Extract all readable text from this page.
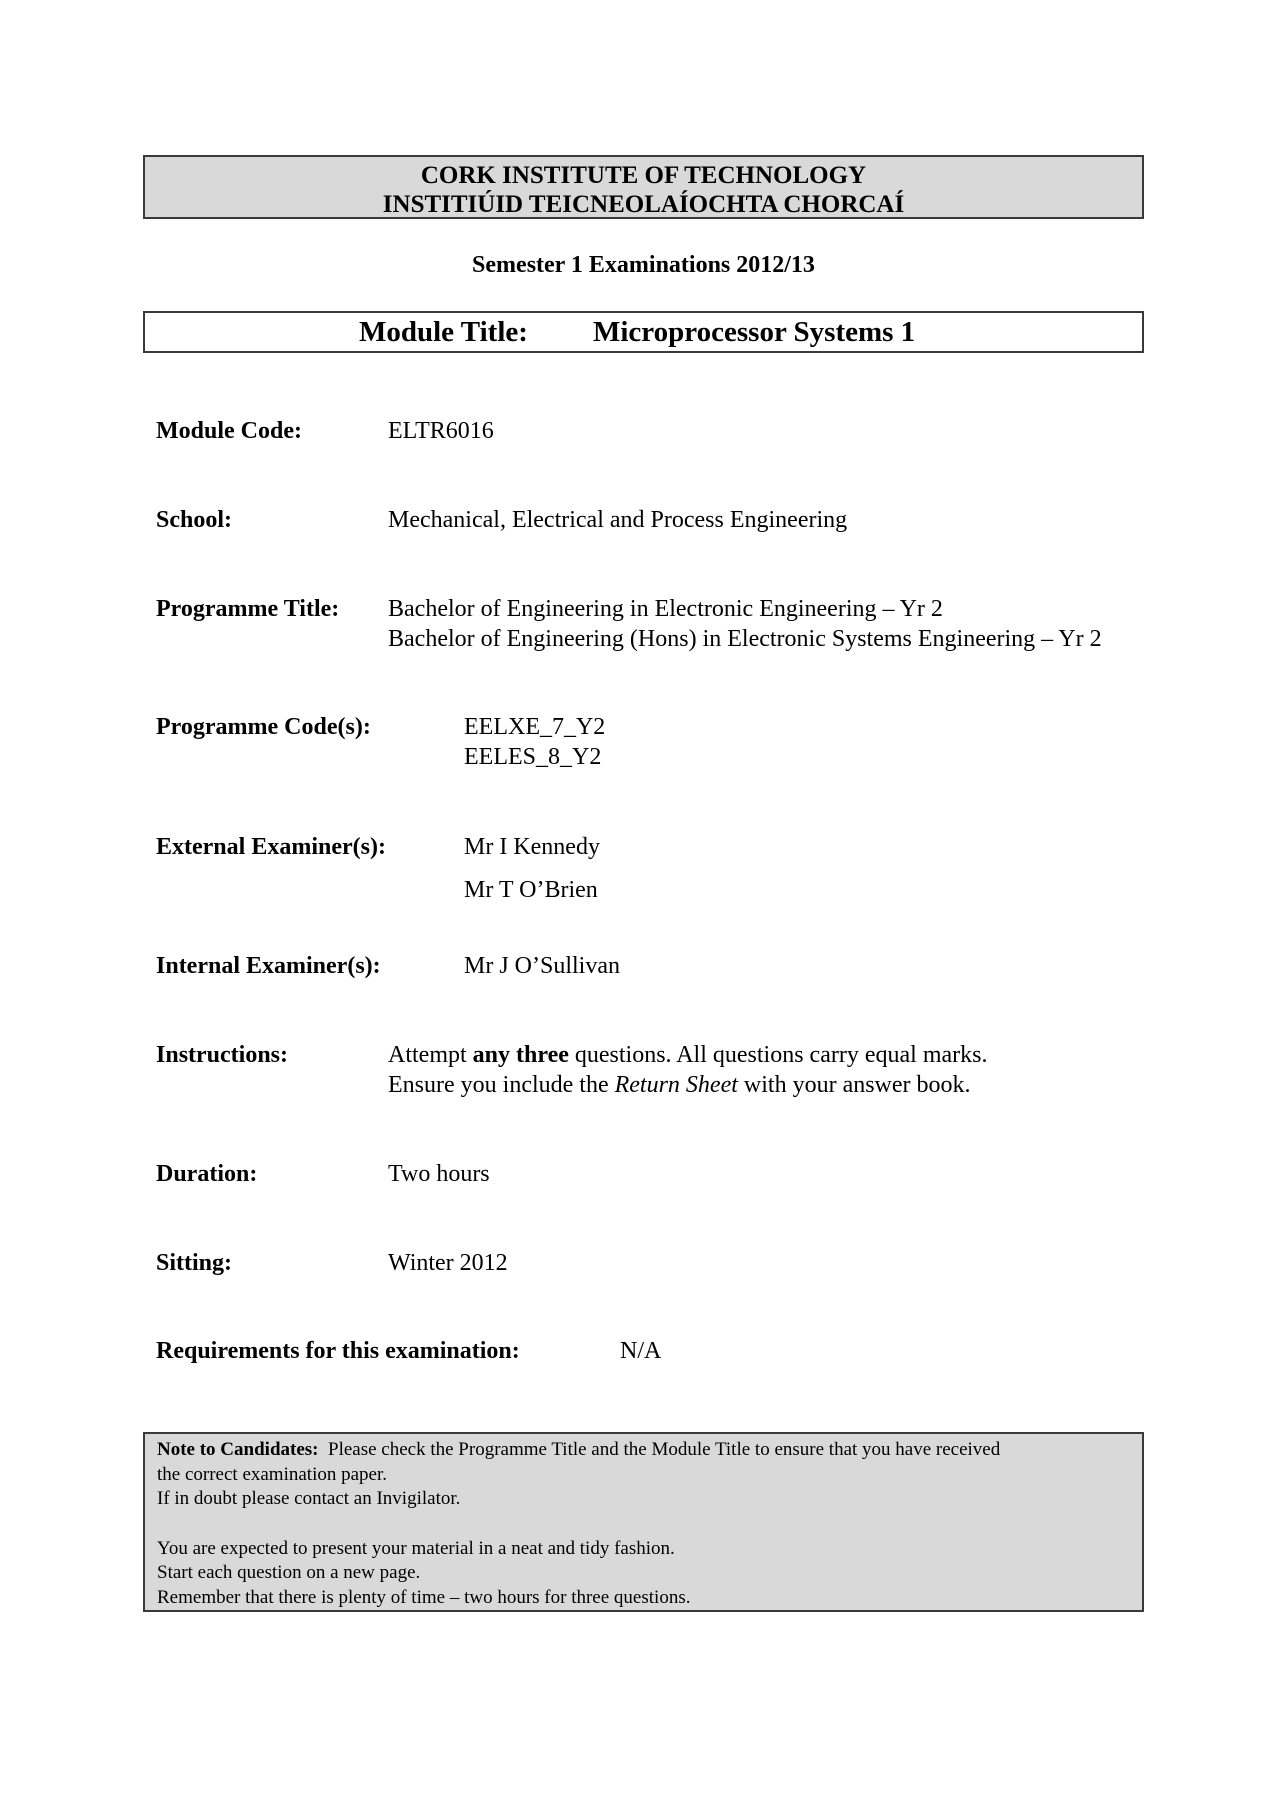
CORK INSTITUTE OF TECHNOLOGY
INSTITIÚID TEICNEOLAÍOCHTA CHORCAÍ
Semester 1 Examinations 2012/13
Module Title: Microprocessor Systems 1
Module Code:	ELTR6016
School:	Mechanical, Electrical and Process Engineering
Programme Title: Bachelor of Engineering in Electronic Engineering – Yr 2
Bachelor of Engineering (Hons) in Electronic Systems Engineering – Yr 2
Programme Code(s):	EELXE_7_Y2
EELES_8_Y2
External Examiner(s):	Mr I Kennedy
Mr T O’Brien
Internal Examiner(s):	Mr J O’Sullivan
Instructions:	Attempt any three questions. All questions carry equal marks.
Ensure you include the Return Sheet with your answer book.
Duration:	Two hours
Sitting:	Winter 2012
Requirements for this examination:	N/A
Note to Candidates:  Please check the Programme Title and the Module Title to ensure that you have received
the correct examination paper.
If in doubt please contact an Invigilator.
You are expected to present your material in a neat and tidy fashion.
Start each question on a new page.
Remember that there is plenty of time – two hours for three questions.
